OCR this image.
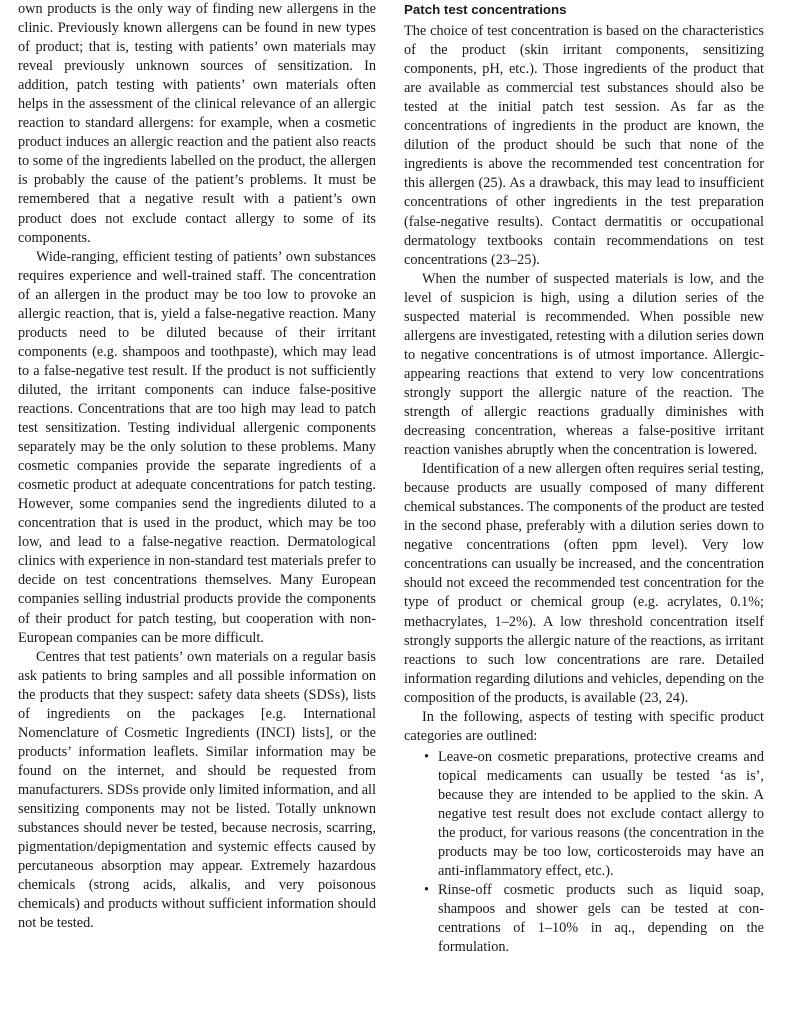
own products is the only way of finding new allergens in the clinic. Previously known allergens can be found in new types of product; that is, testing with patients’ own materials may reveal previously unknown sources of sensitization. In addition, patch testing with patients’ own materials often helps in the assessment of the clinical relevance of an allergic reaction to standard allergens: for example, when a cosmetic product induces an allergic reaction and the patient also reacts to some of the ingredients labelled on the product, the allergen is probably the cause of the patient’s problems. It must be remembered that a negative result with a patient’s own product does not exclude contact allergy to some of its components.

Wide-ranging, efficient testing of patients’ own substances requires experience and well-trained staff. The concentration of an allergen in the product may be too low to provoke an allergic reaction, that is, yield a false-negative reaction. Many products need to be diluted because of their irritant components (e.g. shampoos and toothpaste), which may lead to a false-negative test result. If the product is not sufficiently diluted, the irritant components can induce false-positive reactions. Concentrations that are too high may lead to patch test sensitization. Testing individual allergenic components separately may be the only solution to these problems. Many cosmetic companies provide the separate ingredients of a cosmetic product at adequate concentrations for patch testing. However, some companies send the ingredients diluted to a concentration that is used in the product, which may be too low, and lead to a false-negative reaction. Dermatological clinics with experience in non-standard test materials prefer to decide on test concentrations themselves. Many European companies selling industrial products provide the components of their product for patch testing, but cooperation with non-European companies can be more difficult.

Centres that test patients’ own materials on a regular basis ask patients to bring samples and all possible information on the products that they suspect: safety data sheets (SDSs), lists of ingredients on the packages [e.g. International Nomenclature of Cosmetic Ingredients (INCI) lists], or the products’ information leaflets. Similar information may be found on the internet, and should be requested from manufacturers. SDSs provide only limited information, and all sensitizing components may not be listed. Totally unknown substances should never be tested, because necrosis, scarring, pigmentation/depigmentation and systemic effects caused by percutaneous absorption may appear. Extremely hazardous chemicals (strong acids, alkalis, and very poisonous chemicals) and products without sufficient information should not be tested.

Patch test concentrations

The choice of test concentration is based on the characteristics of the product (skin irritant components, sensitizing components, pH, etc.). Those ingredients of the product that are available as commercial test substances should also be tested at the initial patch test session. As far as the concentrations of ingredients in the product are known, the dilution of the product should be such that none of the ingredients is above the recommended test concentration for this allergen (25). As a drawback, this may lead to insufficient concentrations of other ingredients in the test preparation (false-negative results). Contact dermatitis or occupational dermatology textbooks contain recommendations on test concentrations (23–25).

When the number of suspected materials is low, and the level of suspicion is high, using a dilution series of the suspected material is recommended. When possible new allergens are investigated, retesting with a dilution series down to negative concentrations is of utmost importance. Allergic-appearing reactions that extend to very low concentrations strongly support the allergic nature of the reaction. The strength of allergic reactions gradually diminishes with decreasing concentration, whereas a false-positive irritant reaction vanishes abruptly when the concentration is lowered.

Identification of a new allergen often requires serial testing, because products are usually composed of many different chemical substances. The components of the product are tested in the second phase, preferably with a dilution series down to negative concentrations (often ppm level). Very low concentrations can usually be increased, and the concentration should not exceed the recommended test concentration for the type of product or chemical group (e.g. acrylates, 0.1%; methacrylates, 1–2%). A low threshold concentration itself strongly supports the allergic nature of the reactions, as irritant reactions to such low concentrations are rare. Detailed information regarding dilutions and vehicles, depending on the composition of the products, is available (23, 24).

In the following, aspects of testing with specific product categories are outlined:

• Leave-on cosmetic preparations, protective creams and topical medicaments can usually be tested ‘as is’, because they are intended to be applied to the skin. A negative test result does not exclude contact allergy to the product, for various reasons (the concentration in the products may be too low, corticosteroids may have an anti-inflammatory effect, etc.).
• Rinse-off cosmetic products such as liquid soap, shampoos and shower gels can be tested at concentrations of 1–10% in aq., depending on the formulation.
